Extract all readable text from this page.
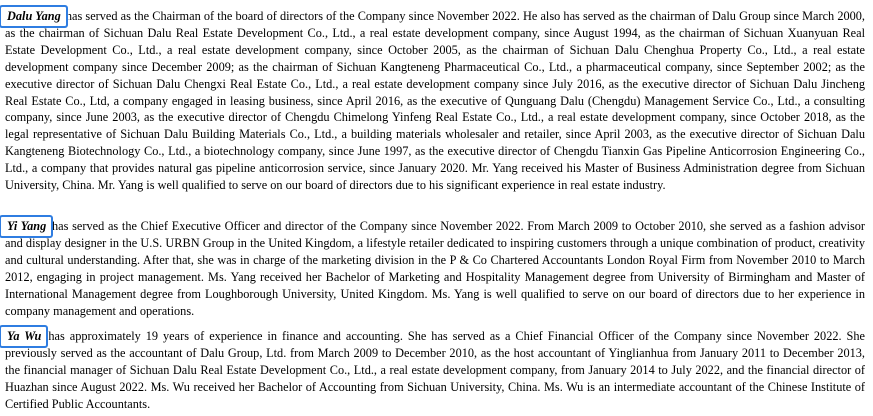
Dalu Yang has served as the Chairman of the board of directors of the Company since November 2022. He also has served as the chairman of Dalu Group since March 2000, as the chairman of Sichuan Dalu Real Estate Development Co., Ltd., a real estate development company, since August 1994, as the chairman of Sichuan Xuanyuan Real Estate Development Co., Ltd., a real estate development company, since October 2005, as the chairman of Sichuan Dalu Chenghua Property Co., Ltd., a real estate development company since December 2009; as the chairman of Sichuan Kangteneng Pharmaceutical Co., Ltd., a pharmaceutical company, since September 2002; as the executive director of Sichuan Dalu Chengxi Real Estate Co., Ltd., a real estate development company since July 2016, as the executive director of Sichuan Dalu Jincheng Real Estate Co., Ltd, a company engaged in leasing business, since April 2016, as the executive of Qunguang Dalu (Chengdu) Management Service Co., Ltd., a consulting company, since June 2003, as the executive director of Chengdu Chimelong Yinfeng Real Estate Co., Ltd., a real estate development company, since October 2018, as the legal representative of Sichuan Dalu Building Materials Co., Ltd., a building materials wholesaler and retailer, since April 2003, as the executive director of Sichuan Dalu Kangteneng Biotechnology Co., Ltd., a biotechnology company, since June 1997, as the executive director of Chengdu Tianxin Gas Pipeline Anticorrosion Engineering Co., Ltd., a company that provides natural gas pipeline anticorrosion service, since January 2020. Mr. Yang received his Master of Business Administration degree from Sichuan University, China. Mr. Yang is well qualified to serve on our board of directors due to his significant experience in real estate industry.

Yi Yang has served as the Chief Executive Officer and director of the Company since November 2022. From March 2009 to October 2010, she served as a fashion advisor and display designer in the U.S. URBN Group in the United Kingdom, a lifestyle retailer dedicated to inspiring customers through a unique combination of product, creativity and cultural understanding. After that, she was in charge of the marketing division in the P & Co Chartered Accountants London Royal Firm from November 2010 to March 2012, engaging in project management. Ms. Yang received her Bachelor of Marketing and Hospitality Management degree from University of Birmingham and Master of International Management degree from Loughborough University, United Kingdom. Ms. Yang is well qualified to serve on our board of directors due to her experience in company management and operations.

Ya Wu has approximately 19 years of experience in finance and accounting. She has served as a Chief Financial Officer of the Company since November 2022. She previously served as the accountant of Dalu Group, Ltd. from March 2009 to December 2010, as the host accountant of Yinglianhua from January 2011 to December 2013, the financial manager of Sichuan Dalu Real Estate Development Co., Ltd., a real estate development company, from January 2014 to July 2022, and the financial director of Huazhan since August 2022. Ms. Wu received her Bachelor of Accounting from Sichuan University, China. Ms. Wu is an intermediate accountant of the Chinese Institute of Certified Public Accountants.
